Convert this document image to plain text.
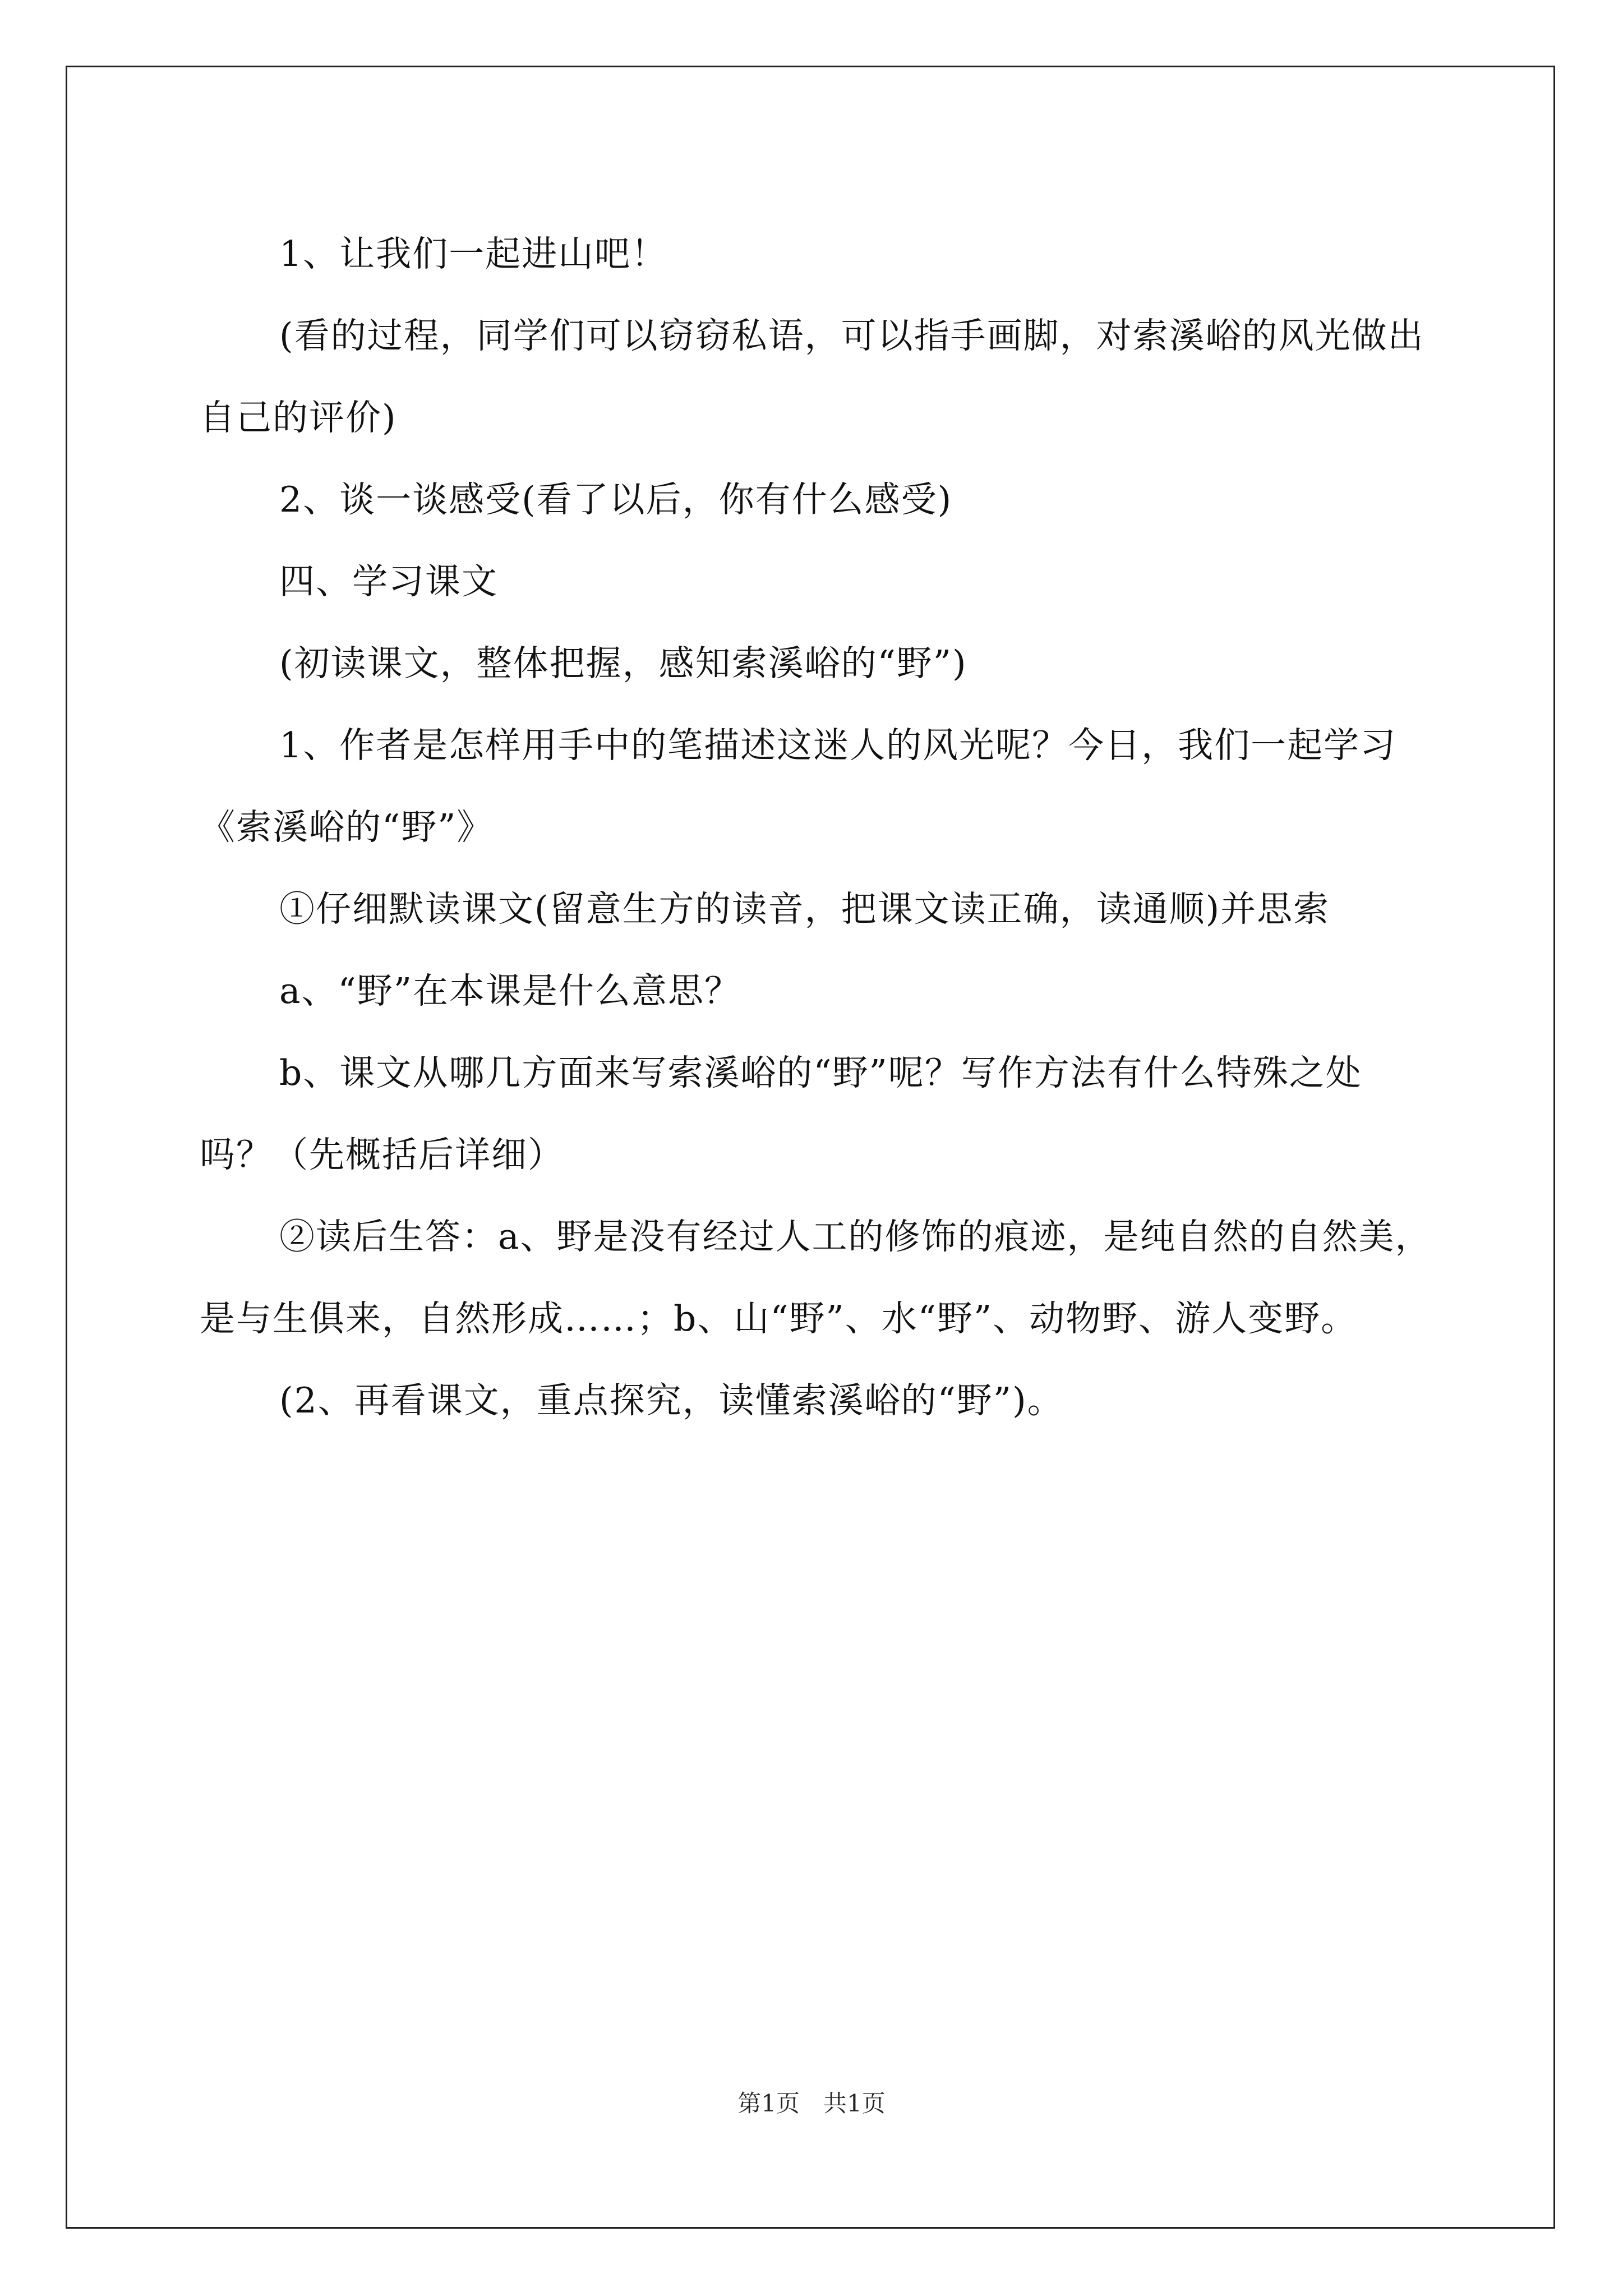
1、让我们一起进山吧！

(看的过程，同学们可以窃窃私语，可以指手画脚，对索溪峪的风光做出自己的评价)

2、谈一谈感受(看了以后，你有什么感受)

四、学习课文

(初读课文，整体把握，感知索溪峪的“野”)

1、作者是怎样用手中的笔描述这迷人的风光呢？今日，我们一起学习《索溪峪的“野”》

①仔细默读课文(留意生方的读音，把课文读正确，读通顺)并思索

a、“野”在本课是什么意思？

b、课文从哪几方面来写索溪峪的“野”呢？写作方法有什么特殊之处吗？（先概括后详细）

②读后生答：a、野是没有经过人工的修饰的痕迹，是纯自然的自然美，是与生俱来，自然形成……；b、山“野”、水“野”、动物野、游人变野。

(2、再看课文，重点探究，读懂索溪峪的“野”)。

第1页　共1页
